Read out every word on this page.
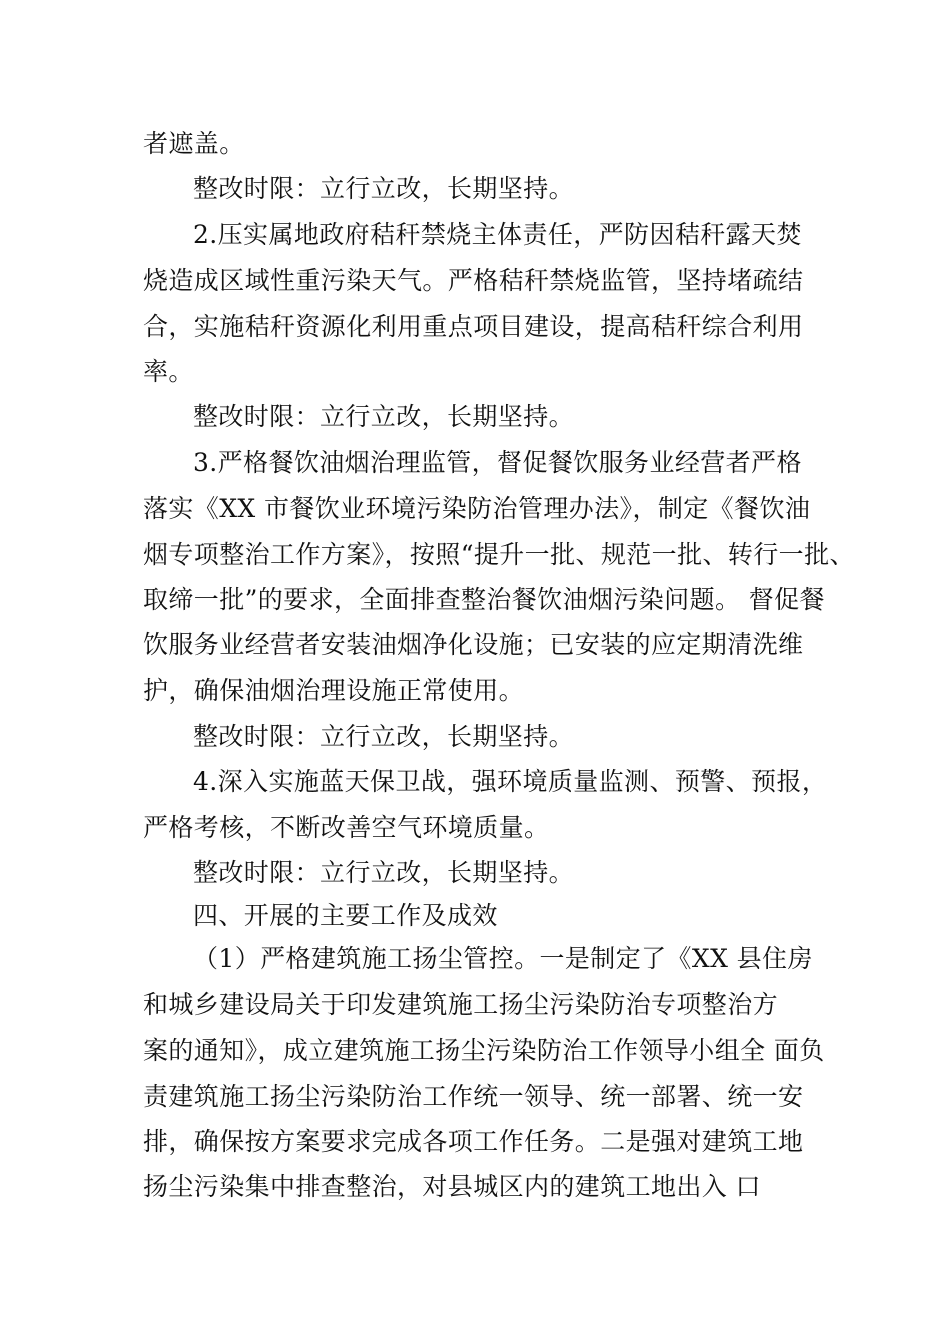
者遮盖。
整改时限：立行立改，长期坚持。
2.压实属地政府秸秆禁烧主体责任，严防因秸秆露天焚
烧造成区域性重污染天气。严格秸秆禁烧监管，坚持堵疏结
合，实施秸秆资源化利用重点项目建设，提高秸秆综合利用
率。
整改时限：立行立改，长期坚持。
3.严格餐饮油烟治理监管，督促餐饮服务业经营者严格
落实《XX 市餐饮业环境污染防治管理办法》，制定《餐饮油
烟专项整治工作方案》，按照“提升一批、规范一批、转行一批、
取缔一批”的要求，全面排查整治餐饮油烟污染问题。 督促餐
饮服务业经营者安装油烟净化设施；已安装的应定期清洗维
护，确保油烟治理设施正常使用。
整改时限：立行立改，长期坚持。
4.深入实施蓝天保卫战，强环境质量监测、预警、预报，
严格考核，不断改善空气环境质量。
整改时限：立行立改，长期坚持。
四、开展的主要工作及成效
（1）严格建筑施工扬尘管控。一是制定了《XX 县住房
和城乡建设局关于印发建筑施工扬尘污染防治专项整治方
案的通知》，成立建筑施工扬尘污染防治工作领导小组全 面负
责建筑施工扬尘污染防治工作统一领导、统一部署、统一安
排，确保按方案要求完成各项工作任务。二是强对建筑工地
扬尘污染集中排查整治，对县城区内的建筑工地出入 口
